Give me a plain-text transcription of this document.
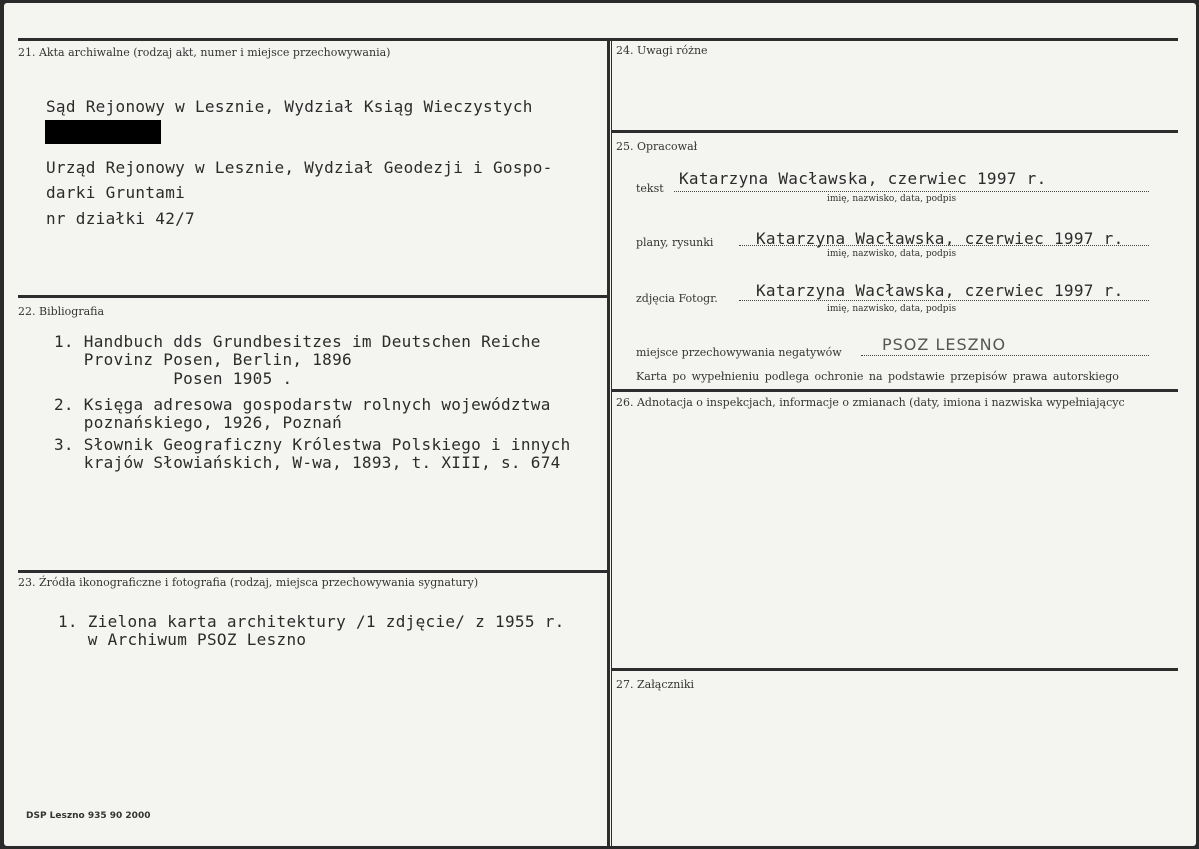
21. Akta archiwalne (rodzaj akt, numer i miejsce przechowywania)
Sąd Rejonowy w Lesznie, Wydział Ksiąg Wieczystych
Urząd Rejonowy w Lesznie, Wydział Geodezji i Gospo-
darki Gruntami
nr działki 42/7
22. Bibliografia
1. Handbuch dds Grundbesitzes im Deutschen Reiche
Provinz Posen, Berlin, 1896
Posen 1905 .
2. Księga adresowa gospodarstw rolnych województwa
poznańskiego, 1926, Poznań
3. Słownik Geograficzny Królestwa Polskiego i innych
krajów Słowiańskich, W-wa, 1893, t. XIII, s. 674
23. Źródła ikonograficzne i fotografia (rodzaj, miejsca przechowywania sygnatury)
1. Zielona karta architektury /1 zdjęcie/ z 1955 r.
w Archiwum PSOZ Leszno
24. Uwagi różne
25. Opracował
tekst
Katarzyna Wacławska, czerwiec 1997 r.
imię, nazwisko, data, podpis
plany, rysunki	Katarzyna Wacławska, czerwiec 1997 r.
imię, nazwisko, data, podpis
zdjęcia Fotogr. Katarzyna Wacławska, czerwiec 1997 r.
imię, nazwisko, data, podpis
miejsce przechowywania negatywów	PSOZ LESZNO
Karta po wypełnieniu podlega ochronie na podstawie przepisów prawa autorskiego
26. Adnotacja o inspekcjach, informacje o zmianach (daty, imiona i nazwiska wypełniającyc
27. Załączniki
DSP Leszno 935 90 2000
